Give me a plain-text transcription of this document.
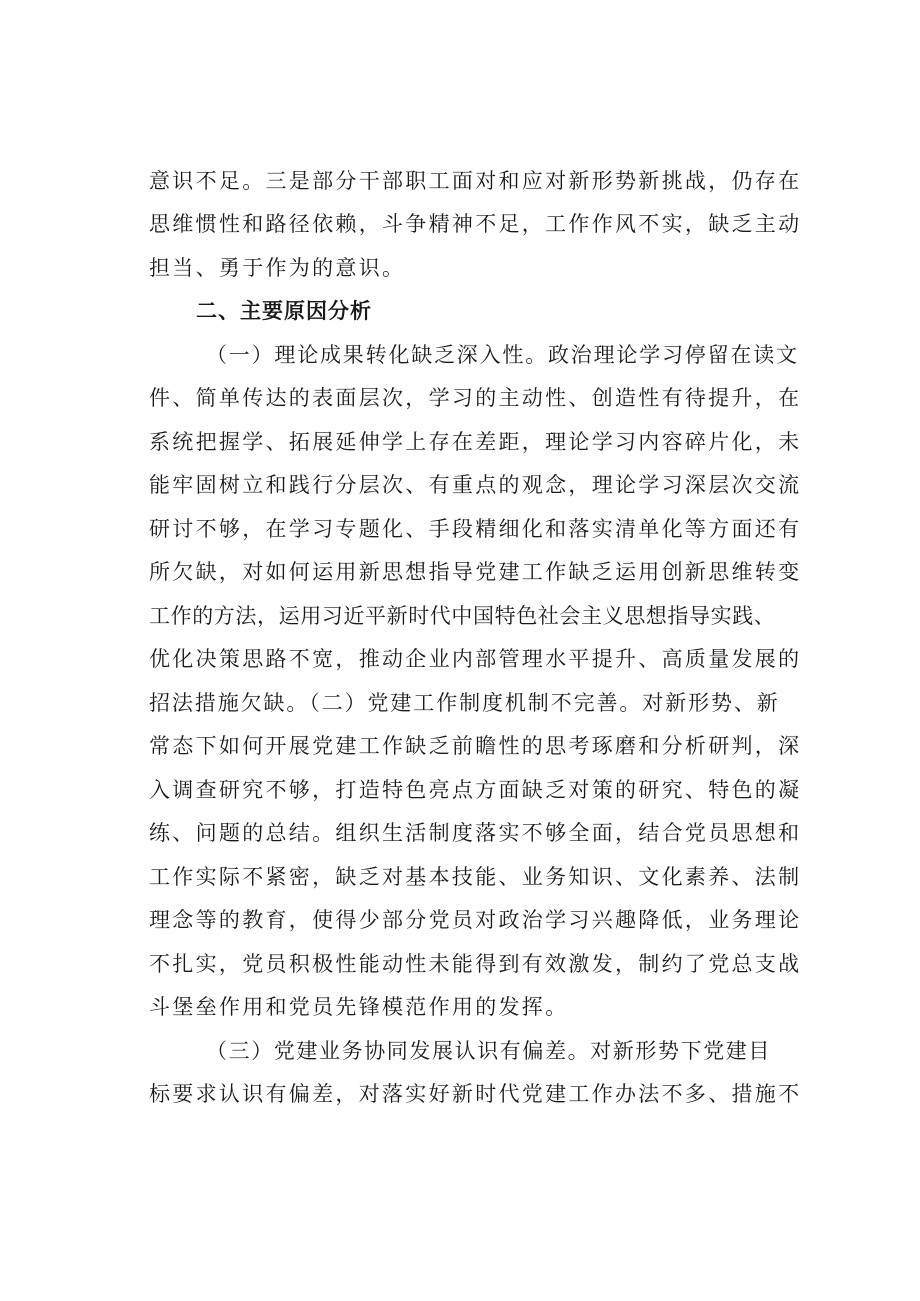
意识不足。三是部分干部职工面对和应对新形势新挑战，仍存在
思维惯性和路径依赖，斗争精神不足，工作作风不实，缺乏主动
担当、勇于作为的意识。
二、主要原因分析
（一）理论成果转化缺乏深入性。政治理论学习停留在读文
件、简单传达的表面层次，学习的主动性、创造性有待提升，在
系统把握学、拓展延伸学上存在差距，理论学习内容碎片化，未
能牢固树立和践行分层次、有重点的观念，理论学习深层次交流
研讨不够，在学习专题化、手段精细化和落实清单化等方面还有
所欠缺，对如何运用新思想指导党建工作缺乏运用创新思维转变
工作的方法，运用习近平新时代中国特色社会主义思想指导实践、
优化决策思路不宽，推动企业内部管理水平提升、高质量发展的
招法措施欠缺。（二）党建工作制度机制不完善。对新形势、新
常态下如何开展党建工作缺乏前瞻性的思考琢磨和分析研判，深
入调查研究不够，打造特色亮点方面缺乏对策的研究、特色的凝
练、问题的总结。组织生活制度落实不够全面，结合党员思想和
工作实际不紧密，缺乏对基本技能、业务知识、文化素养、法制
理念等的教育，使得少部分党员对政治学习兴趣降低，业务理论
不扎实，党员积极性能动性未能得到有效激发，制约了党总支战
斗堡垒作用和党员先锋模范作用的发挥。
（三）党建业务协同发展认识有偏差。对新形势下党建目
标要求认识有偏差，对落实好新时代党建工作办法不多、措施不
